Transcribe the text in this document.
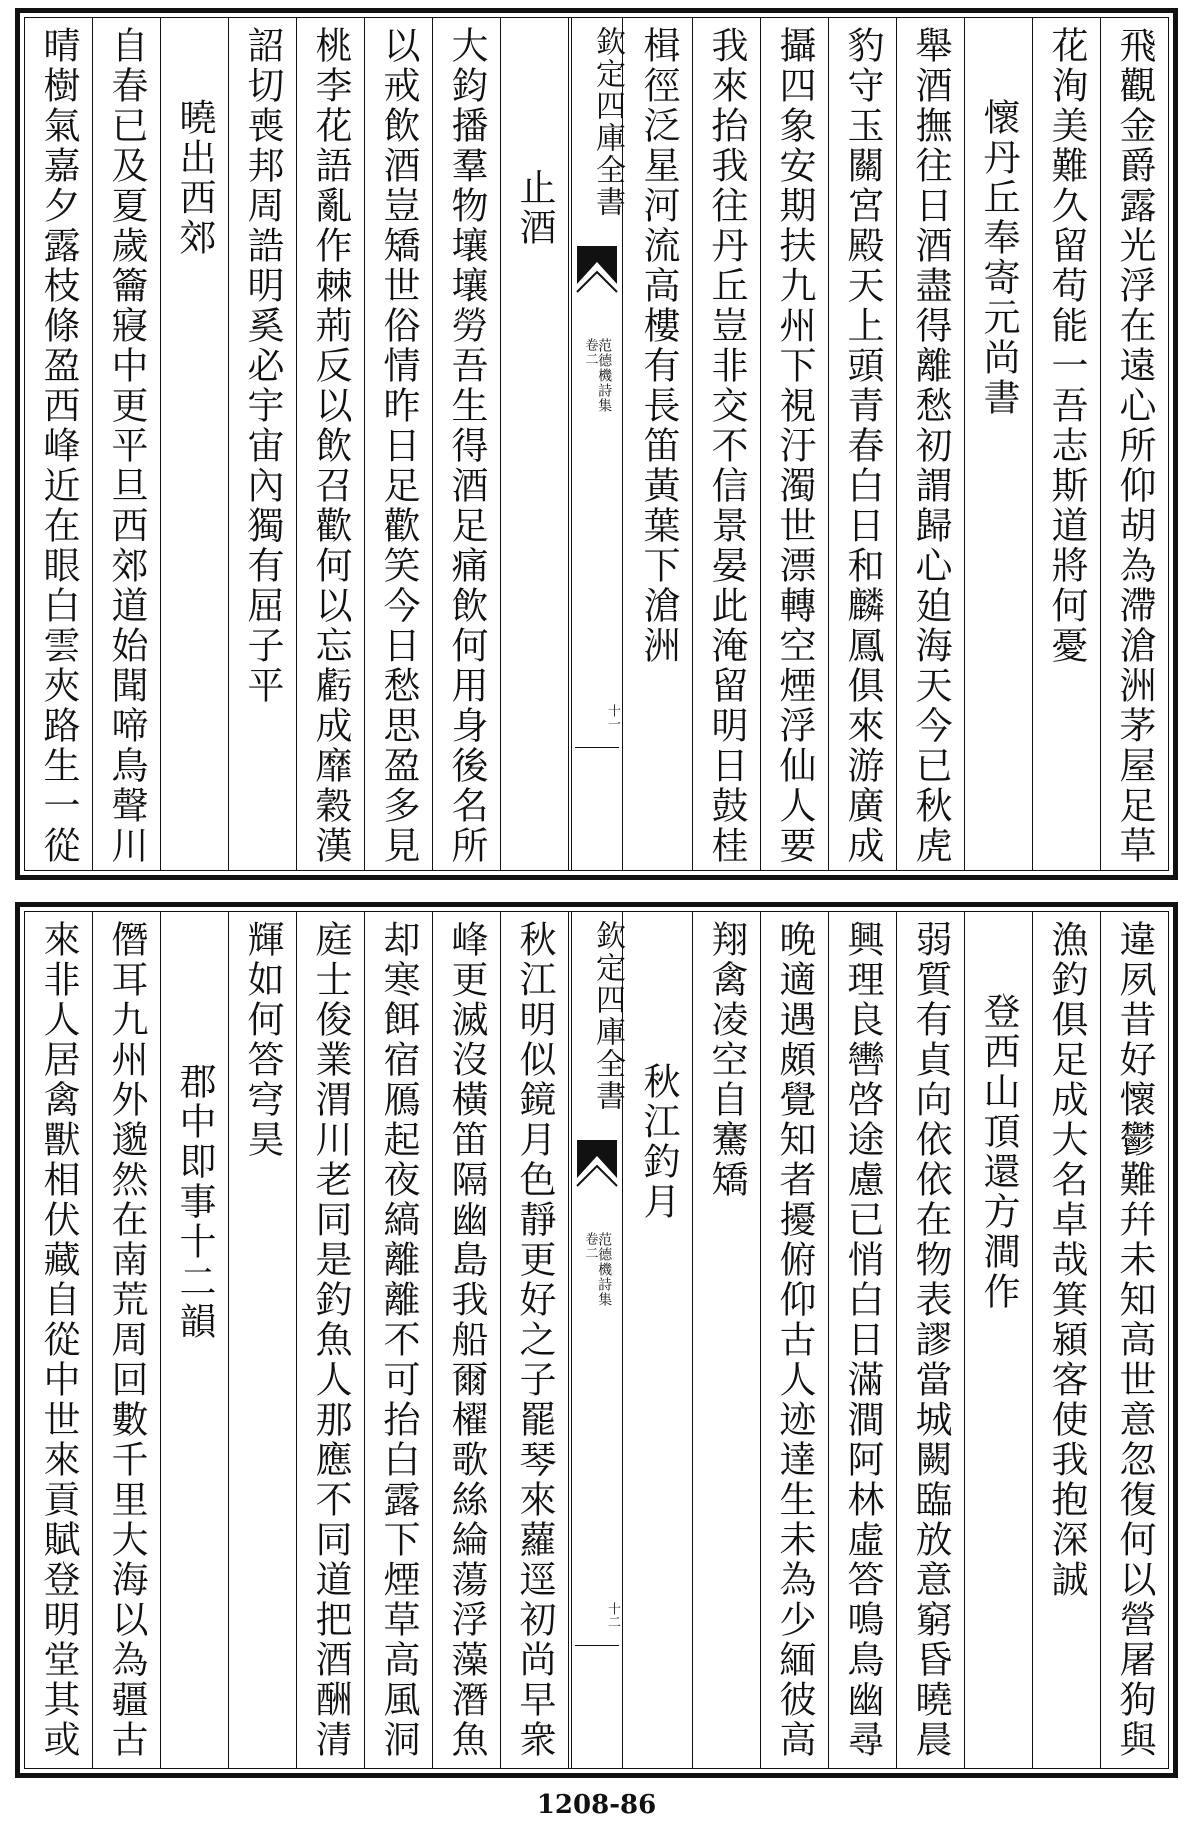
飛觀金爵露光浮在遠心所仰胡為滯滄洲茅屋足草
花洵美難久留苟能一吾志斯道將何憂
懷丹丘奉寄元尚書
舉酒撫往日酒盡得離愁初謂歸心廹海天今已秋虎
豹守玉關宮殿天上頭青春白日和麟鳳俱來游廣成
攝四象安期扶九州下視汙濁世漂轉空煙浮仙人要
我來抬我往丹丘豈非交不信景晏此淹留明日鼓桂
楫徑泛星河流高樓有長笛黃葉下滄洲
欽定四庫全書
范德機詩集
卷二
十一
止酒
大鈞播羣物壤壤勞吾生得酒足痛飲何用身後名所
以戒飲酒豈矯世俗情昨日足歡笑今日愁思盈多見
桃李花語亂作棘荊反以飲召歡何以忘虧成靡穀漢
詔切喪邦周誥明奚必宇宙內獨有屈子平
曉出西郊
自春已及夏歲籥寢中更平旦西郊道始聞啼鳥聲川
晴樹氣嘉夕露枝條盈西峰近在眼白雲夾路生一從
違夙昔好懷鬱難幷未知高世意忽復何以營屠狗與
漁釣俱足成大名卓哉箕潁客使我抱深誠
登西山頂還方澗作
弱質有貞向依依在物表謬當城闕臨放意窮昏曉晨
興理良轡啓途慮已悄白日滿澗阿林虛答鳴鳥幽尋
晚適遇頗覺知者擾俯仰古人迹達生未為少緬彼高
翔禽凌空自騫矯
秋江釣月
欽定四庫全書
范德機詩集
卷二
十二
秋江明似鏡月色靜更好之子罷琴來蘿逕初尚早衆
峰更滅沒橫笛隔幽島我船爾櫂歌絲綸蕩浮藻潛魚
却寒餌宿鴈起夜縞離離不可抬白露下煙草高風洞
庭士俊業渭川老同是釣魚人那應不同道把酒酬清
輝如何答穹昊
郡中即事十二韻
僭耳九州外邈然在南荒周回數千里大海以為疆古
來非人居禽獸相伏藏自從中世來貢賦登明堂其或
1208-86
